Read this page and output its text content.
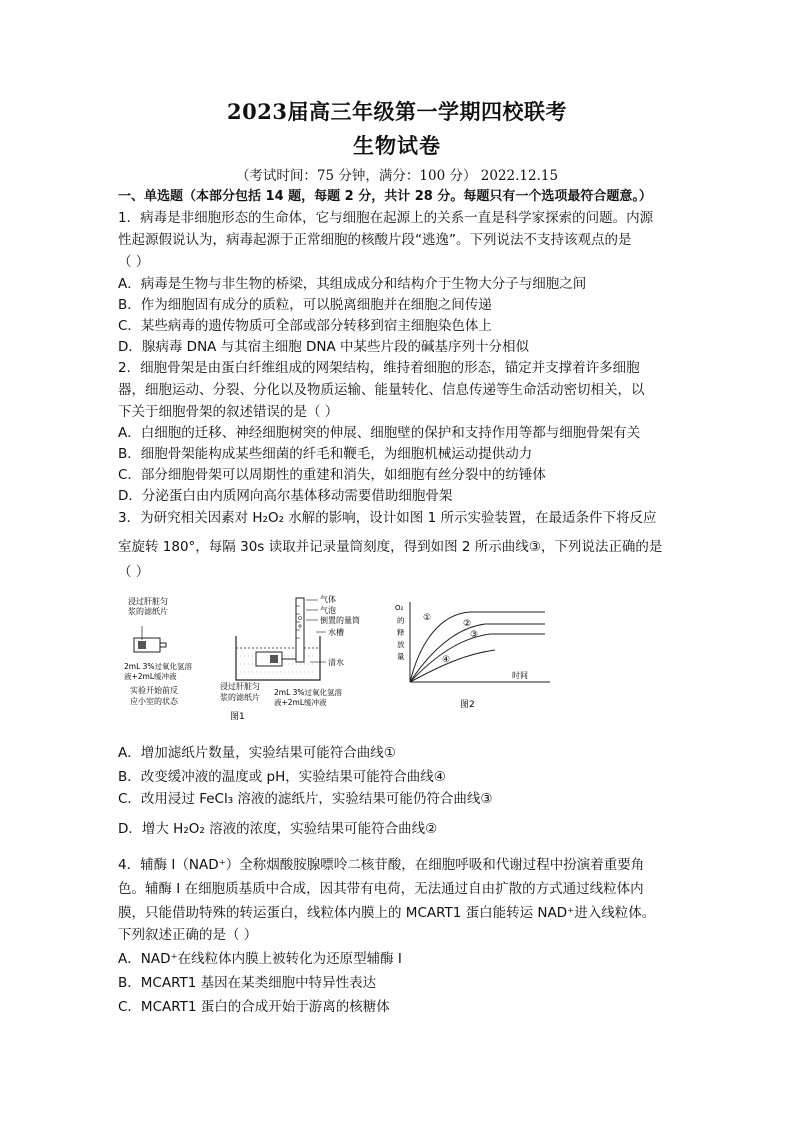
2023届高三年级第一学期四校联考
生物试卷
（考试时间：75 分钟，满分：100 分） 2022.12.15
一、单选题（本部分包括 14 题，每题 2 分，共计 28 分。每题只有一个选项最符合题意。）
1．病毒是非细胞形态的生命体，它与细胞在起源上的关系一直是科学家探索的问题。内源
性起源假说认为，病毒起源于正常细胞的核酸片段“逃逸”。下列说法不支持该观点的是
（ ）
A．病毒是生物与非生物的桥梁，其组成成分和结构介于生物大分子与细胞之间
B．作为细胞固有成分的质粒，可以脱离细胞并在细胞之间传递
C．某些病毒的遗传物质可全部或部分转移到宿主细胞染色体上
D．腺病毒 DNA 与其宿主细胞 DNA 中某些片段的碱基序列十分相似
2．细胞骨架是由蛋白纤维组成的网架结构，维持着细胞的形态，锚定并支撑着许多细胞
器，细胞运动、分裂、分化以及物质运输、能量转化、信息传递等生命活动密切相关，以
下关于细胞骨架的叙述错误的是（ ）
A．白细胞的迁移、神经细胞树突的伸展、细胞壁的保护和支持作用等都与细胞骨架有关
B．细胞骨架能构成某些细菌的纤毛和鞭毛，为细胞机械运动提供动力
C．部分细胞骨架可以周期性的重建和消失，如细胞有丝分裂中的纺锤体
D．分泌蛋白由内质网向高尔基体移动需要借助细胞骨架
3．为研究相关因素对 H₂O₂ 水解的影响，设计如图 1 所示实验装置，在最适条件下将反应
室旋转 180°，每隔 30s 读取并记录量筒刻度，得到如图 2 所示曲线③，下列说法正确的是
（ ）
浸过肝脏匀
浆的滤纸片
2mL 3%过氧化氢溶
液+2mL缓冲液
实验开始前反
应小室的状态
气体
气泡
倒置的量筒
水槽
清水
浸过肝脏匀
浆的滤纸片
2mL 3%过氧化氢溶
液+2mL缓冲液
图1
O₂
的
释
放
量
时间
①
②
③
④
图2
A．增加滤纸片数量，实验结果可能符合曲线①
B．改变缓冲液的温度或 pH，实验结果可能符合曲线④
C．改用浸过 FeCl₃ 溶液的滤纸片，实验结果可能仍符合曲线③
D．增大 H₂O₂ 溶液的浓度，实验结果可能符合曲线②
4．辅酶 I（NAD⁺）全称烟酸胺腺嘌呤二核苷酸，在细胞呼吸和代谢过程中扮演着重要角
色。辅酶 I 在细胞质基质中合成，因其带有电荷，无法通过自由扩散的方式通过线粒体内
膜，只能借助特殊的转运蛋白，线粒体内膜上的 MCART1 蛋白能转运 NAD⁺进入线粒体。
下列叙述正确的是（ ）
A．NAD⁺在线粒体内膜上被转化为还原型辅酶 I
B．MCART1 基因在某类细胞中特异性表达
C．MCART1 蛋白的合成开始于游离的核糖体
